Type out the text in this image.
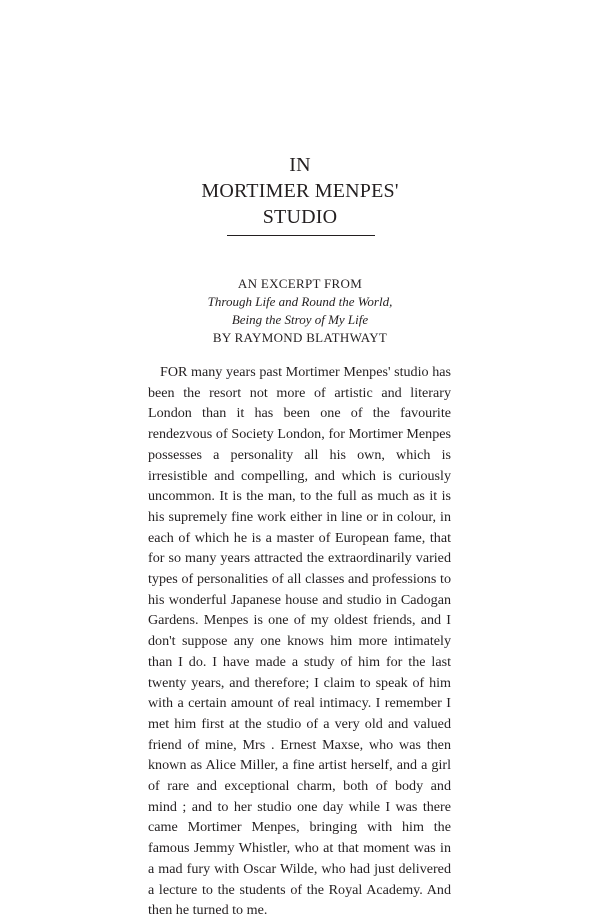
IN
MORTIMER MENPES'
STUDIO
AN EXCERPT FROM
Through Life and Round the World,
Being the Stroy of My Life
BY RAYMOND BLATHWAYT

FOR many years past Mortimer Menpes' studio has been the resort not more of artistic and literary London than it has been one of the favourite rendezvous of Society London, for Mortimer Menpes possesses a personality all his own, which is irresistible and compelling, and which is curiously uncommon. It is the man, to the full as much as it is his supremely fine work either in line or in colour, in each of which he is a master of European fame, that for so many years attracted the extraordinarily varied types of personalities of all classes and professions to his wonderful Japanese house and studio in Cadogan Gardens. Menpes is one of my oldest friends, and I don't suppose any one knows him more intimately than I do. I have made a study of him for the last twenty years, and therefore; I claim to speak of him with a certain amount of real intimacy. I remember I met him first at the studio of a very old and valued friend of mine, Mrs . Ernest Maxse, who was then known as Alice Miller, a fine artist herself, and a girl of rare and exceptional charm, both of body and mind ; and to her studio one day while I was there came Mortimer Menpes, bringing with him the famous Jemmy Whistler, who at that moment was in a mad fury with Oscar Wilde, who had just delivered a lecture to the students of the Royal Academy. And then he turned to me.
